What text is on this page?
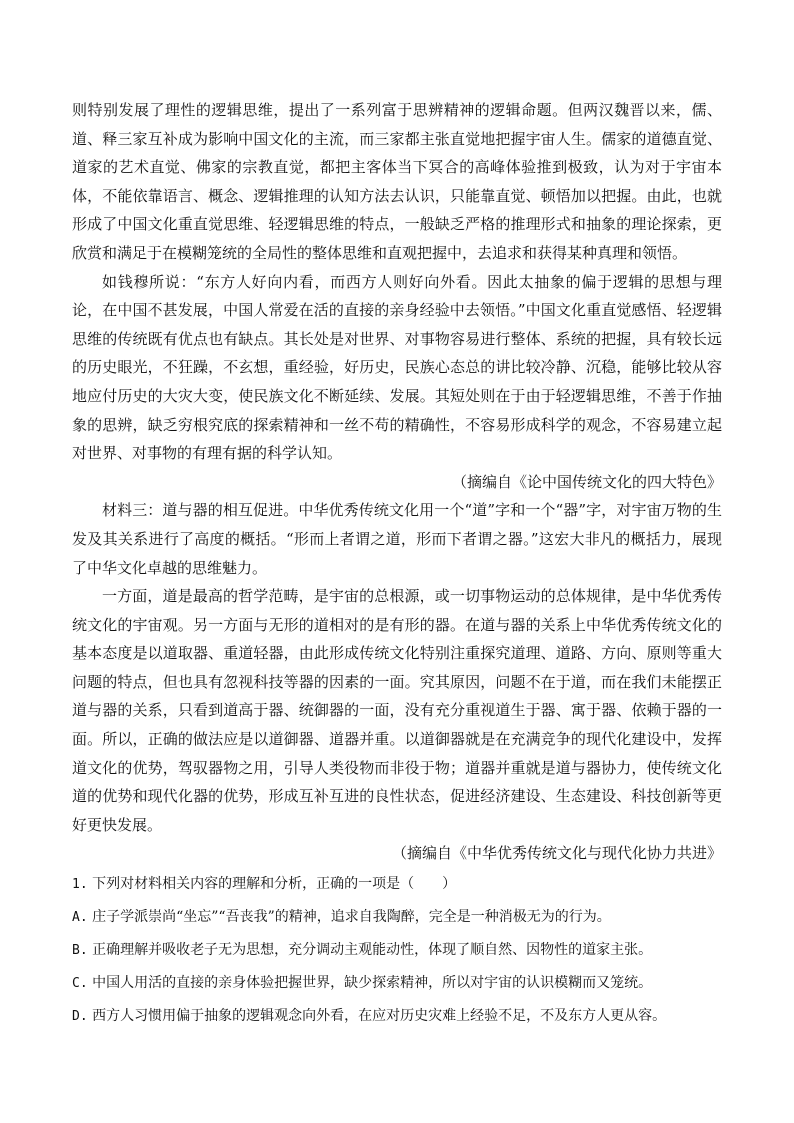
则特别发展了理性的逻辑思维，提出了一系列富于思辨精神的逻辑命题。但两汉魏晋以来，儒、道、释三家互补成为影响中国文化的主流，而三家都主张直觉地把握宇宙人生。儒家的道德直觉、道家的艺术直觉、佛家的宗教直觉，都把主客体当下冥合的高峰体验推到极致，认为对于宇宙本体，不能依靠语言、概念、逻辑推理的认知方法去认识，只能靠直觉、顿悟加以把握。由此，也就形成了中国文化重直觉思维、轻逻辑思维的特点，一般缺乏严格的推理形式和抽象的理论探索，更欣赏和满足于在模糊笼统的全局性的整体思维和直观把握中，去追求和获得某种真理和领悟。

如钱穆所说：“东方人好向内看，而西方人则好向外看。因此太抽象的偏于逻辑的思想与理论，在中国不甚发展，中国人常爱在活的直接的亲身经验中去领悟。”中国文化重直觉感悟、轻逻辑思维的传统既有优点也有缺点。其长处是对世界、对事物容易进行整体、系统的把握，具有较长远的历史眼光，不狂躁，不玄想，重经验，好历史，民族心态总的讲比较冷静、沉稳，能够比较从容地应付历史的大灾大变，使民族文化不断延续、发展。其短处则在于由于轻逻辑思维，不善于作抽象的思辨，缺乏穷根究底的探索精神和一丝不苟的精确性，不容易形成科学的观念，不容易建立起对世界、对事物的有理有据的科学认知。

（摘编自《论中国传统文化的四大特色》

材料三：道与器的相互促进。中华优秀传统文化用一个“道”字和一个“器”字，对宇宙万物的生发及其关系进行了高度的概括。“形而上者谓之道，形而下者谓之器。”这宏大非凡的概括力，展现了中华文化卓越的思维魅力。

一方面，道是最高的哲学范畴，是宇宙的总根源，或一切事物运动的总体规律，是中华优秀传统文化的宇宙观。另一方面与无形的道相对的是有形的器。在道与器的关系上中华优秀传统文化的基本态度是以道取器、重道轻器，由此形成传统文化特别注重探究道理、道路、方向、原则等重大问题的特点，但也具有忽视科技等器的因素的一面。究其原因，问题不在于道，而在我们未能摆正道与器的关系，只看到道高于器、统御器的一面，没有充分重视道生于器、寓于器、依赖于器的一面。所以，正确的做法应是以道御器、道器并重。以道御器就是在充满竞争的现代化建设中，发挥道文化的优势，驾驭器物之用，引导人类役物而非役于物；道器并重就是道与器协力，使传统文化道的优势和现代化器的优势，形成互补互进的良性状态，促进经济建设、生态建设、科技创新等更好更快发展。

（摘编自《中华优秀传统文化与现代化协力共进》

1. 下列对材料相关内容的理解和分析，正确的一项是（　　）

A. 庄子学派崇尚“坐忘”“吾丧我”的精神，追求自我陶醉，完全是一种消极无为的行为。

B. 正确理解并吸收老子无为思想，充分调动主观能动性，体现了顺自然、因物性的道家主张。

C. 中国人用活的直接的亲身体验把握世界，缺少探索精神，所以对宇宙的认识模糊而又笼统。

D. 西方人习惯用偏于抽象的逻辑观念向外看，在应对历史灾难上经验不足，不及东方人更从容。
